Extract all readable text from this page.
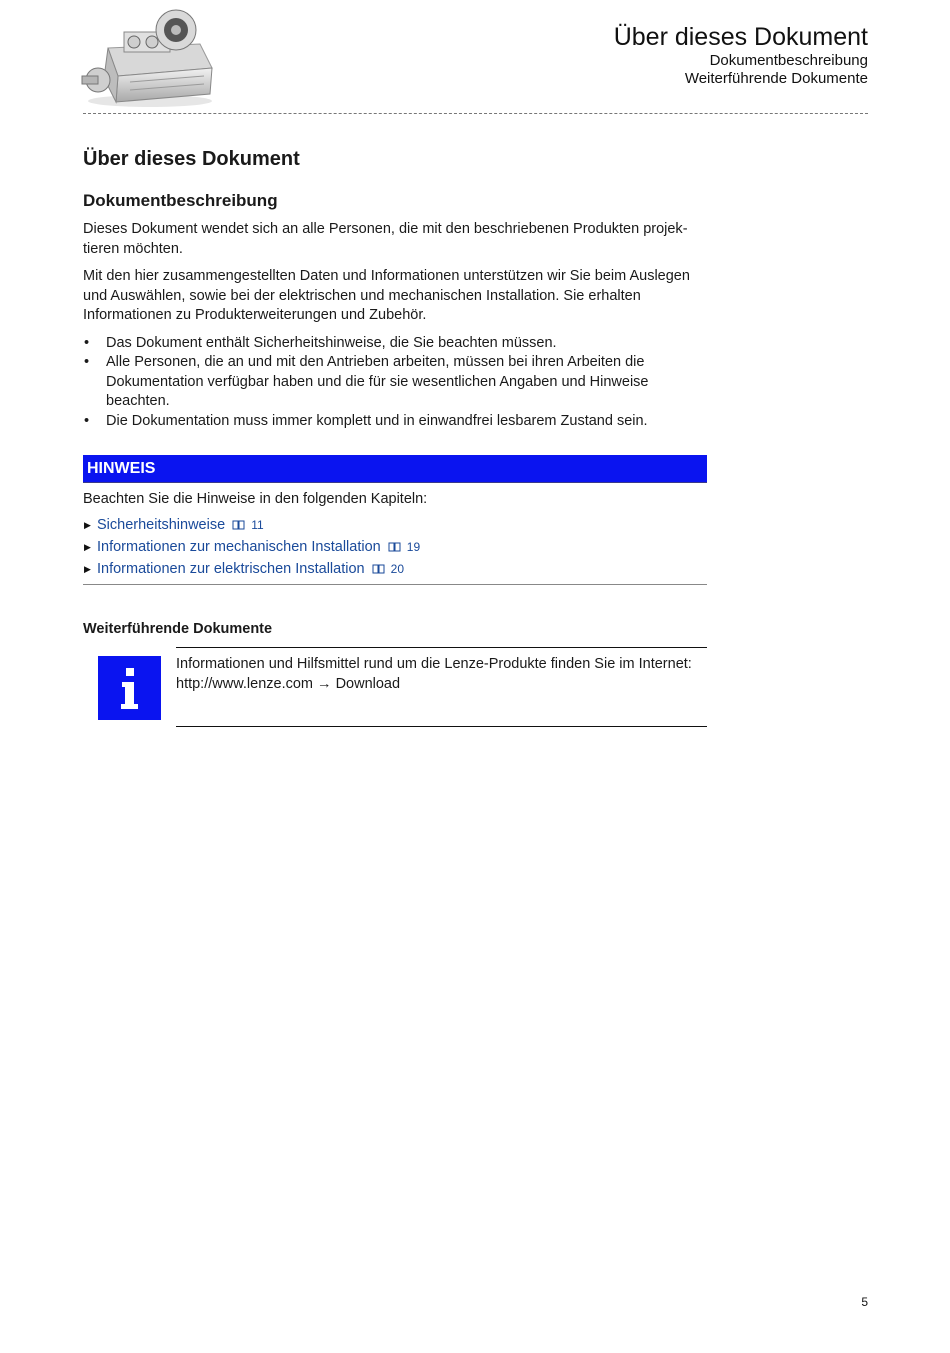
Über dieses Dokument
Dokumentbeschreibung
Weiterführende Dokumente
Über dieses Dokument
Dokumentbeschreibung

Dieses Dokument wendet sich an alle Personen, die mit den beschriebenen Produkten projektieren möchten.

Mit den hier zusammengestellten Daten und Informationen unterstützen wir Sie beim Auslegen und Auswählen, sowie bei der elektrischen und mechanischen Installation. Sie erhalten Informationen zu Produkterweiterungen und Zubehör.

• Das Dokument enthält Sicherheitshinweise, die Sie beachten müssen.
• Alle Personen, die an und mit den Antrieben arbeiten, müssen bei ihren Arbeiten die Dokumentation verfügbar haben und die für sie wesentlichen Angaben und Hinweise beachten.
• Die Dokumentation muss immer komplett und in einwandfrei lesbarem Zustand sein.
HINWEIS

Beachten Sie die Hinweise in den folgenden Kapiteln:

▶ Sicherheitshinweise 11
▶ Informationen zur mechanischen Installation 19
▶ Informationen zur elektrischen Installation 20
Weiterführende Dokumente

Informationen und Hilfsmittel rund um die Lenze-Produkte finden Sie im Internet: http://www.lenze.com → Download

5
